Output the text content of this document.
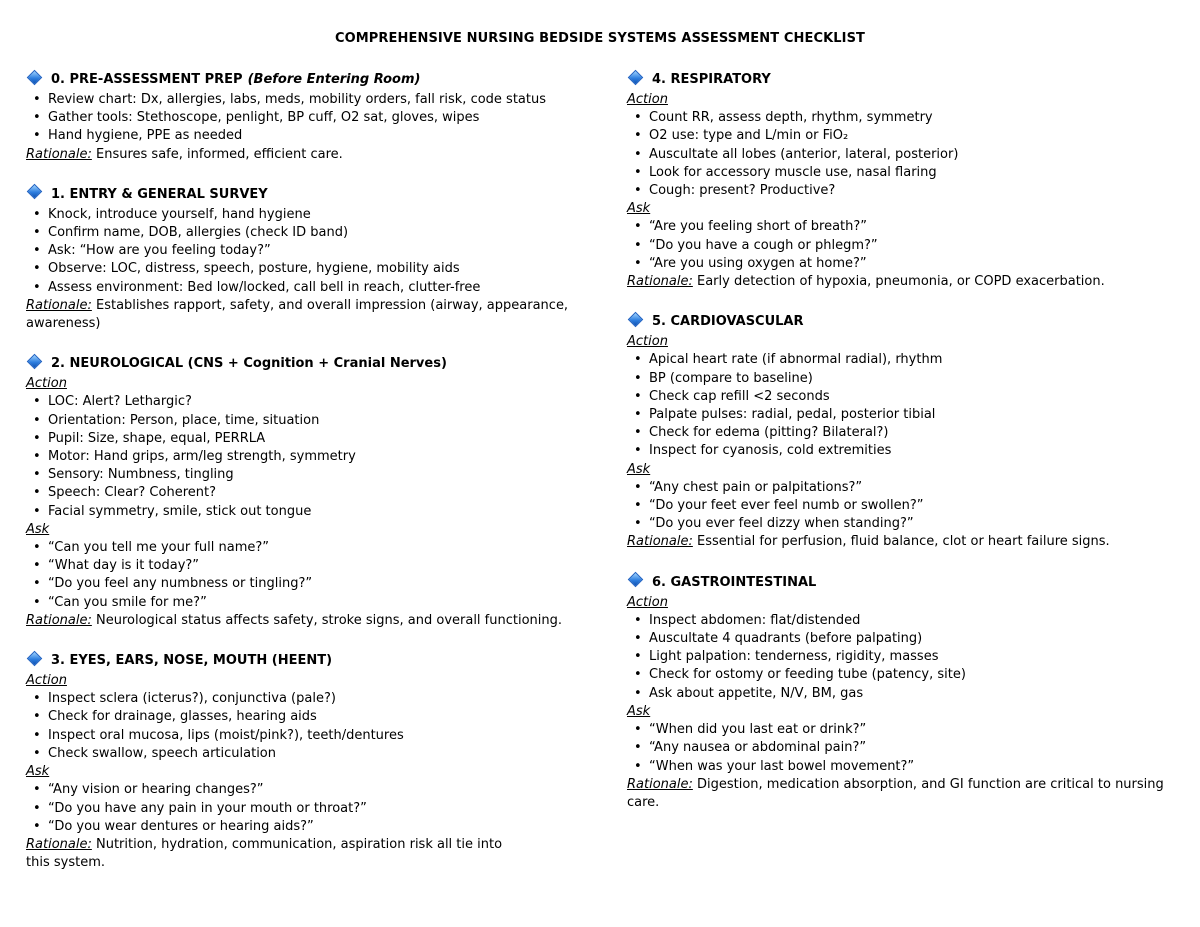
COMPREHENSIVE NURSING BEDSIDE SYSTEMS ASSESSMENT CHECKLIST
0. PRE-ASSESSMENT PREP (Before Entering Room)
• Review chart: Dx, allergies, labs, meds, mobility orders, fall risk, code status
• Gather tools: Stethoscope, penlight, BP cuff, O2 sat, gloves, wipes
• Hand hygiene, PPE as needed
Rationale: Ensures safe, informed, efficient care.
1. ENTRY & GENERAL SURVEY
• Knock, introduce yourself, hand hygiene
• Confirm name, DOB, allergies (check ID band)
• Ask: “How are you feeling today?”
• Observe: LOC, distress, speech, posture, hygiene, mobility aids
• Assess environment: Bed low/locked, call bell in reach, clutter-free
Rationale: Establishes rapport, safety, and overall impression (airway, appearance, awareness)
2. NEUROLOGICAL (CNS + Cognition + Cranial Nerves)
Action
• LOC: Alert? Lethargic?
• Orientation: Person, place, time, situation
• Pupil: Size, shape, equal, PERRLA
• Motor: Hand grips, arm/leg strength, symmetry
• Sensory: Numbness, tingling
• Speech: Clear? Coherent?
• Facial symmetry, smile, stick out tongue
Ask
• “Can you tell me your full name?”
• “What day is it today?”
• “Do you feel any numbness or tingling?”
• “Can you smile for me?”
Rationale: Neurological status affects safety, stroke signs, and overall functioning.
3. EYES, EARS, NOSE, MOUTH (HEENT)
Action
• Inspect sclera (icterus?), conjunctiva (pale?)
• Check for drainage, glasses, hearing aids
• Inspect oral mucosa, lips (moist/pink?), teeth/dentures
• Check swallow, speech articulation
Ask
• “Any vision or hearing changes?”
• “Do you have any pain in your mouth or throat?”
• “Do you wear dentures or hearing aids?”
Rationale: Nutrition, hydration, communication, aspiration risk all tie into this system.
4. RESPIRATORY
Action
• Count RR, assess depth, rhythm, symmetry
• O2 use: type and L/min or FiO₂
• Auscultate all lobes (anterior, lateral, posterior)
• Look for accessory muscle use, nasal flaring
• Cough: present? Productive?
Ask
• “Are you feeling short of breath?”
• “Do you have a cough or phlegm?”
• “Are you using oxygen at home?”
Rationale: Early detection of hypoxia, pneumonia, or COPD exacerbation.
5. CARDIOVASCULAR
Action
• Apical heart rate (if abnormal radial), rhythm
• BP (compare to baseline)
• Check cap refill <2 seconds
• Palpate pulses: radial, pedal, posterior tibial
• Check for edema (pitting? Bilateral?)
• Inspect for cyanosis, cold extremities
Ask
• “Any chest pain or palpitations?”
• “Do your feet ever feel numb or swollen?”
• “Do you ever feel dizzy when standing?”
Rationale: Essential for perfusion, fluid balance, clot or heart failure signs.
6. GASTROINTESTINAL
Action
• Inspect abdomen: flat/distended
• Auscultate 4 quadrants (before palpating)
• Light palpation: tenderness, rigidity, masses
• Check for ostomy or feeding tube (patency, site)
• Ask about appetite, N/V, BM, gas
Ask
• “When did you last eat or drink?”
• “Any nausea or abdominal pain?”
• “When was your last bowel movement?”
Rationale: Digestion, medication absorption, and GI function are critical to nursing care.
